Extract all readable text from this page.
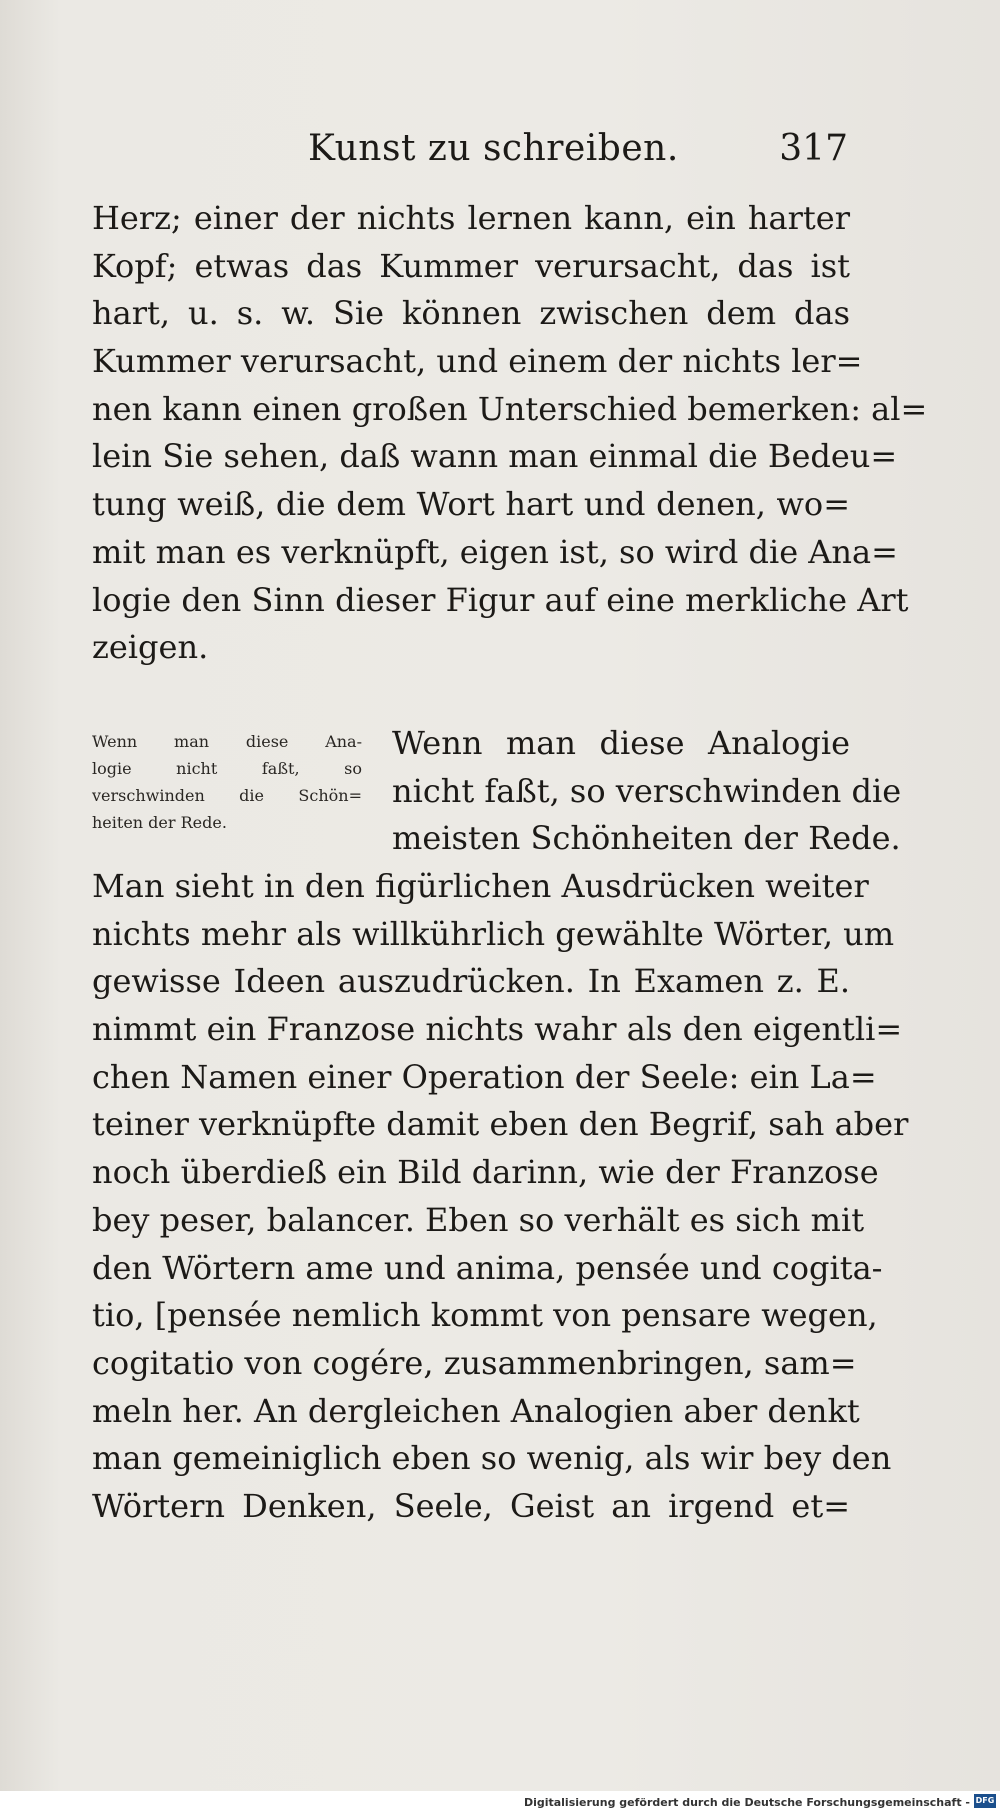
Kunst zu schreiben.	317
Herz; einer der nichts lernen kann, ein harter
Kopf; etwas das Kummer verursacht, das ist
hart, u. s. w. Sie können zwischen dem das
Kummer verursacht, und einem der nichts ler=
nen kann einen großen Unterschied bemerken: al=
lein Sie sehen, daß wann man einmal die Bedeu=
tung weiß, die dem Wort hart und denen, wo=
mit man es verknüpft, eigen ist, so wird die Ana=
logie den Sinn dieser Figur auf eine merkliche Art
zeigen.
Wenn man diese Ana-
logie nicht faßt, so
verschwinden die Schön=
heiten der Rede.
Wenn man diese Analogie
nicht faßt, so verschwinden die
meisten Schönheiten der Rede.
Man sieht in den figürlichen Ausdrücken weiter
nichts mehr als willkührlich gewählte Wörter, um
gewisse Ideen auszudrücken. In Examen z. E.
nimmt ein Franzose nichts wahr als den eigentli=
chen Namen einer Operation der Seele: ein La=
teiner verknüpfte damit eben den Begrif, sah aber
noch überdieß ein Bild darinn, wie der Franzose
bey peser, balancer. Eben so verhält es sich mit
den Wörtern ame und anima, pensée und cogita-
tio, [pensée nemlich kommt von pensare wegen,
cogitatio von cogére, zusammenbringen, sam=
meln her. An dergleichen Analogien aber denkt
man gemeiniglich eben so wenig, als wir bey den
Wörtern Denken, Seele, Geist an irgend et=
Digitalisierung gefördert durch die Deutsche Forschungsgemeinschaft - DFG
